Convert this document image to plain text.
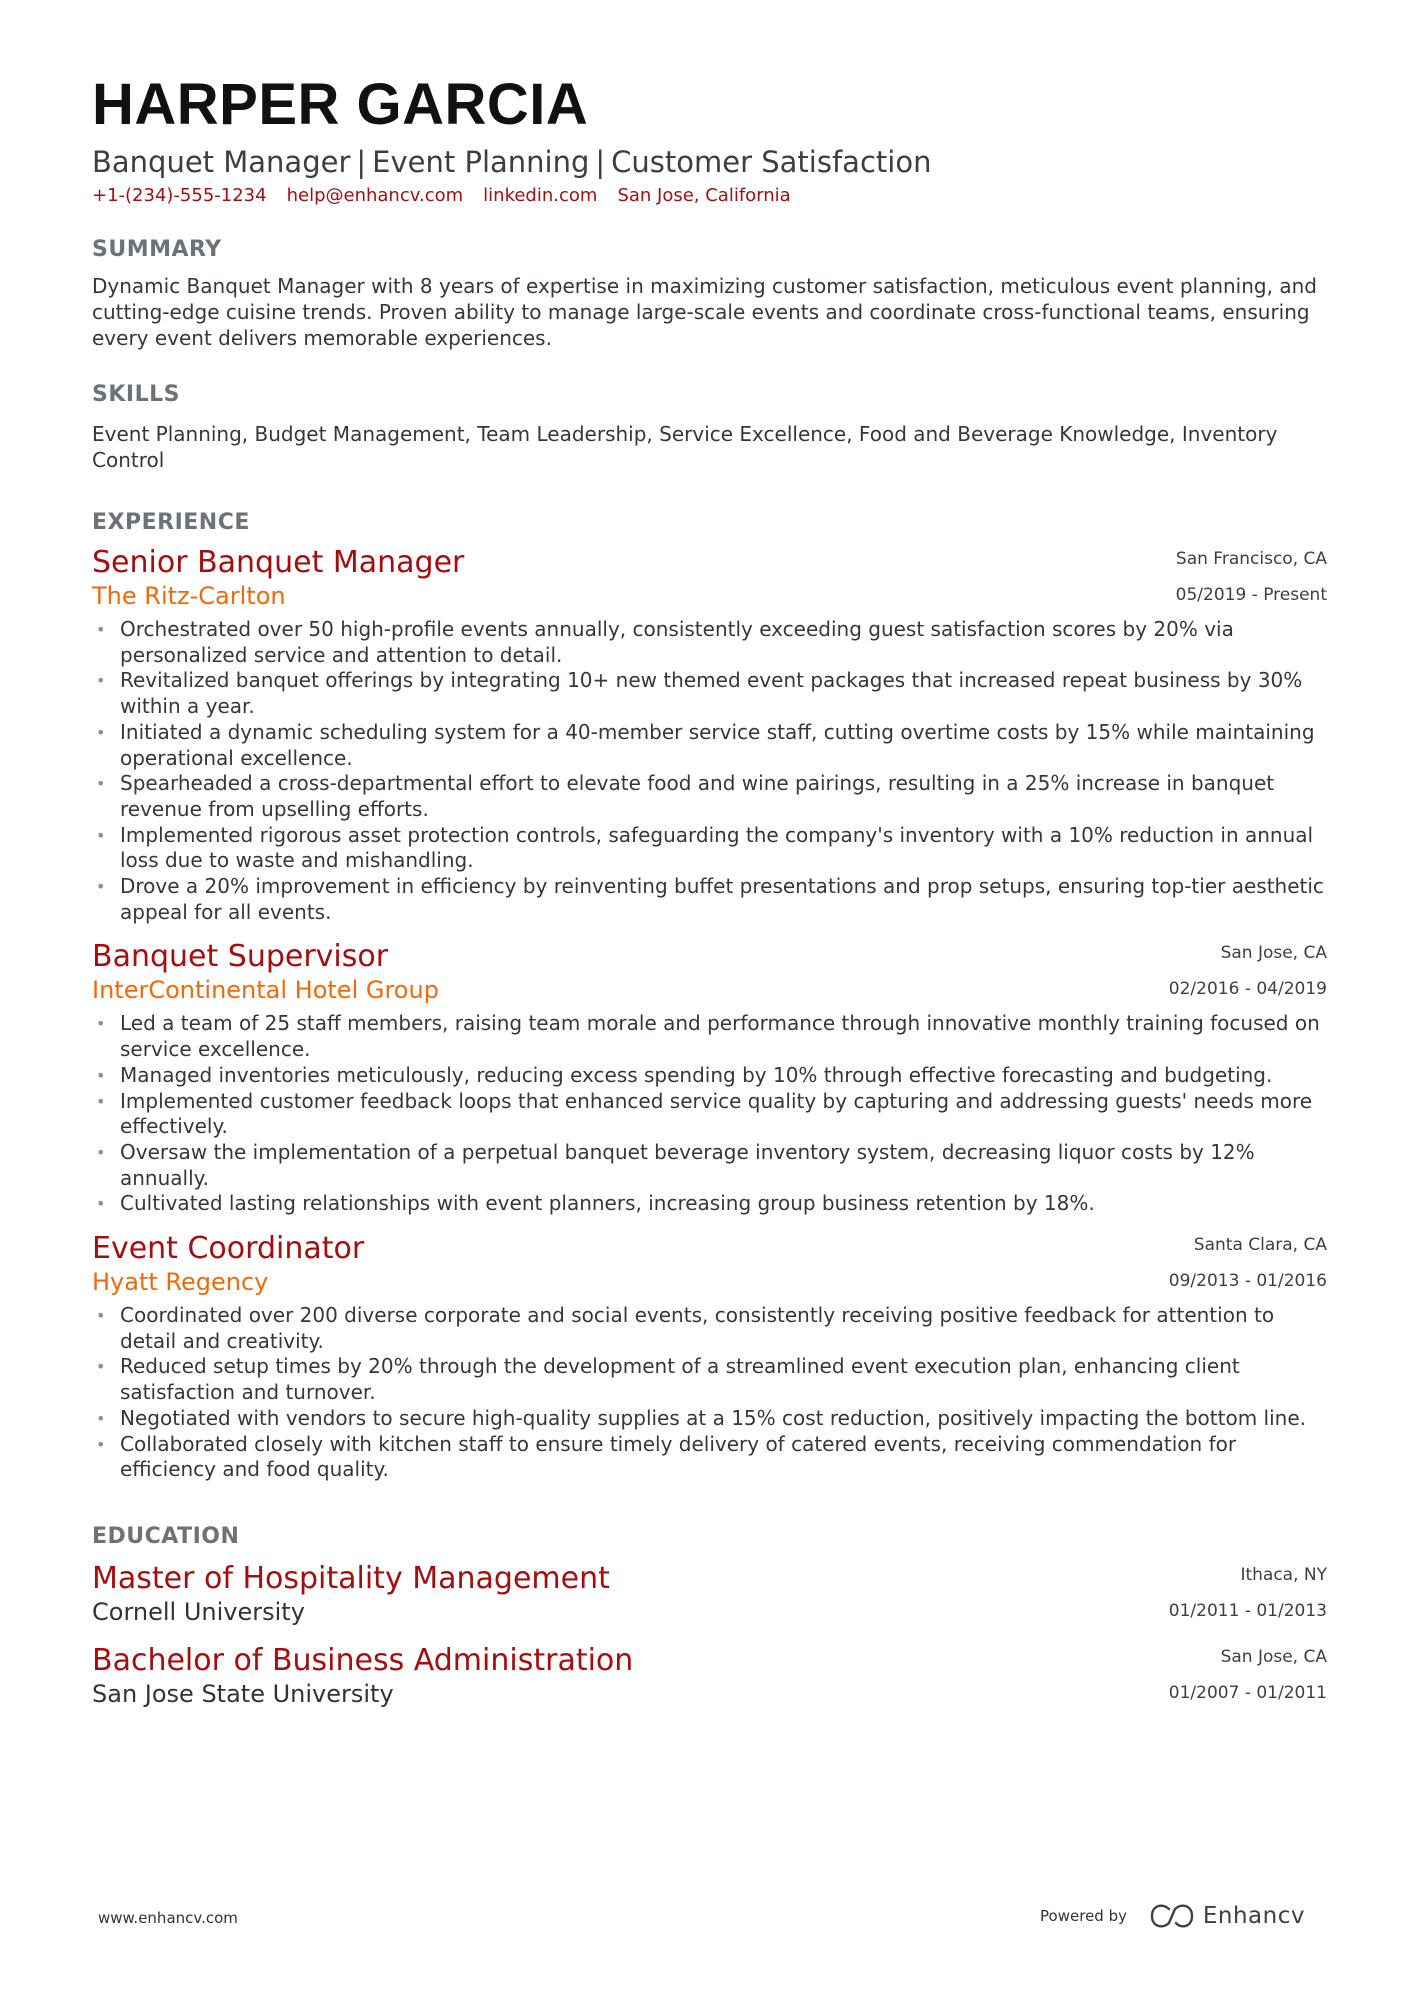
HARPER GARCIA
Banquet Manager | Event Planning | Customer Satisfaction
+1-(234)-555-1234 help@enhancv.com linkedin.com San Jose, California
SUMMARY
Dynamic Banquet Manager with 8 years of expertise in maximizing customer satisfaction, meticulous event planning, and cutting-edge cuisine trends. Proven ability to manage large-scale events and coordinate cross-functional teams, ensuring every event delivers memorable experiences.
SKILLS
Event Planning, Budget Management, Team Leadership, Service Excellence, Food and Beverage Knowledge, Inventory Control
EXPERIENCE
Senior Banquet Manager
The Ritz-Carlton
San Francisco, CA
05/2019 - Present
• Orchestrated over 50 high-profile events annually, consistently exceeding guest satisfaction scores by 20% via personalized service and attention to detail.
• Revitalized banquet offerings by integrating 10+ new themed event packages that increased repeat business by 30% within a year.
• Initiated a dynamic scheduling system for a 40-member service staff, cutting overtime costs by 15% while maintaining operational excellence.
• Spearheaded a cross-departmental effort to elevate food and wine pairings, resulting in a 25% increase in banquet revenue from upselling efforts.
• Implemented rigorous asset protection controls, safeguarding the company's inventory with a 10% reduction in annual loss due to waste and mishandling.
• Drove a 20% improvement in efficiency by reinventing buffet presentations and prop setups, ensuring top-tier aesthetic appeal for all events.
Banquet Supervisor
InterContinental Hotel Group
San Jose, CA
02/2016 - 04/2019
• Led a team of 25 staff members, raising team morale and performance through innovative monthly training focused on service excellence.
• Managed inventories meticulously, reducing excess spending by 10% through effective forecasting and budgeting.
• Implemented customer feedback loops that enhanced service quality by capturing and addressing guests' needs more effectively.
• Oversaw the implementation of a perpetual banquet beverage inventory system, decreasing liquor costs by 12% annually.
• Cultivated lasting relationships with event planners, increasing group business retention by 18%.
Event Coordinator
Hyatt Regency
Santa Clara, CA
09/2013 - 01/2016
• Coordinated over 200 diverse corporate and social events, consistently receiving positive feedback for attention to detail and creativity.
• Reduced setup times by 20% through the development of a streamlined event execution plan, enhancing client satisfaction and turnover.
• Negotiated with vendors to secure high-quality supplies at a 15% cost reduction, positively impacting the bottom line.
• Collaborated closely with kitchen staff to ensure timely delivery of catered events, receiving commendation for efficiency and food quality.
EDUCATION
Master of Hospitality Management
Cornell University
Ithaca, NY
01/2011 - 01/2013
Bachelor of Business Administration
San Jose State University
San Jose, CA
01/2007 - 01/2011
www.enhancv.com	Powered by	Enhancv
